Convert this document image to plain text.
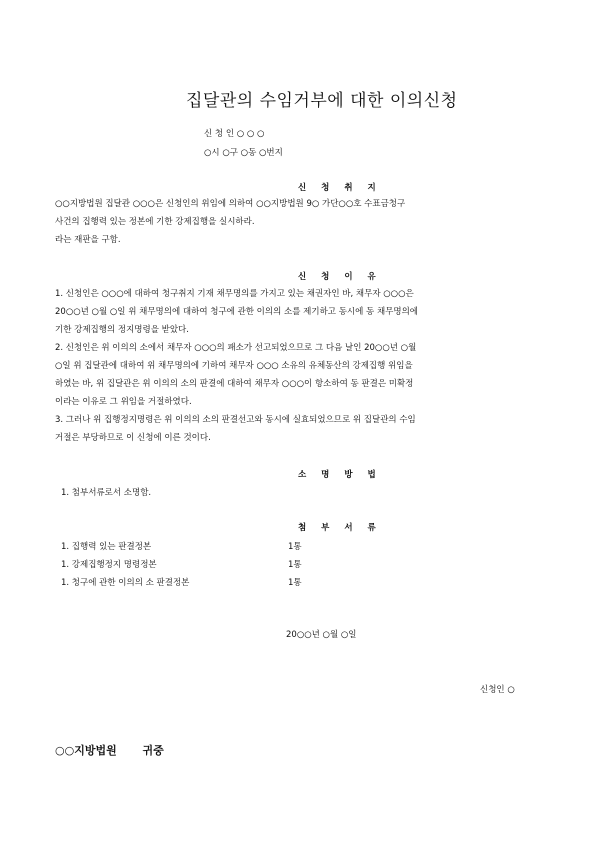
집달관의 수임거부에 대한 이의신청
신 청 인 ○ ○ ○
○시 ○구 ○동 ○번지
신 청 취 지
○○지방법원 집달관 ○○○은 신청인의 위임에 의하여 ○○지방법원 9○ 가단○○호 수표금청구
사건의 집행력 있는 정본에 기한 강제집행을 실시하라.
라는 재판을 구함.
신 청 이 유
1. 신청인은 ○○○에 대하여 청구취지 기재 채무명의를 가지고 있는 채권자인 바, 채무자 ○○○은
20○○년 ○월 ○일 위 채무명의에 대하여 청구에 관한 이의의 소를 제기하고 동시에 동 채무명의에
기한 강제집행의 정지명령을 받았다.
2. 신청인은 위 이의의 소에서 채무자 ○○○의 패소가 선고되었으므로 그 다음 날인 20○○년 ○월
○일 위 집달관에 대하여 위 채무명의에 기하여 채무자 ○○○ 소유의 유체동산의 강제집행 위임을
하였는 바, 위 집달관은 위 이의의 소의 판결에 대하여 채무자 ○○○이 항소하여 동 판결은 미확정
이라는 이유로 그 위임을 거절하였다.
3. 그러나 위 집행정지명령은 위 이의의 소의 판결선고와 동시에 실효되었으므로 위 집달관의 수임
거절은 부당하므로 이 신청에 이른 것이다.
소 명 방 법
1. 첨부서류로서 소명함.
첨 부 서 류
1. 집행력 있는 판결정본	1통
1. 강제집행정지 명령정본	1통
1. 청구에 관한 이의의 소 판결정본	1통
20○○년 ○월 ○일
신청인 ○
○○지방법원 귀중
